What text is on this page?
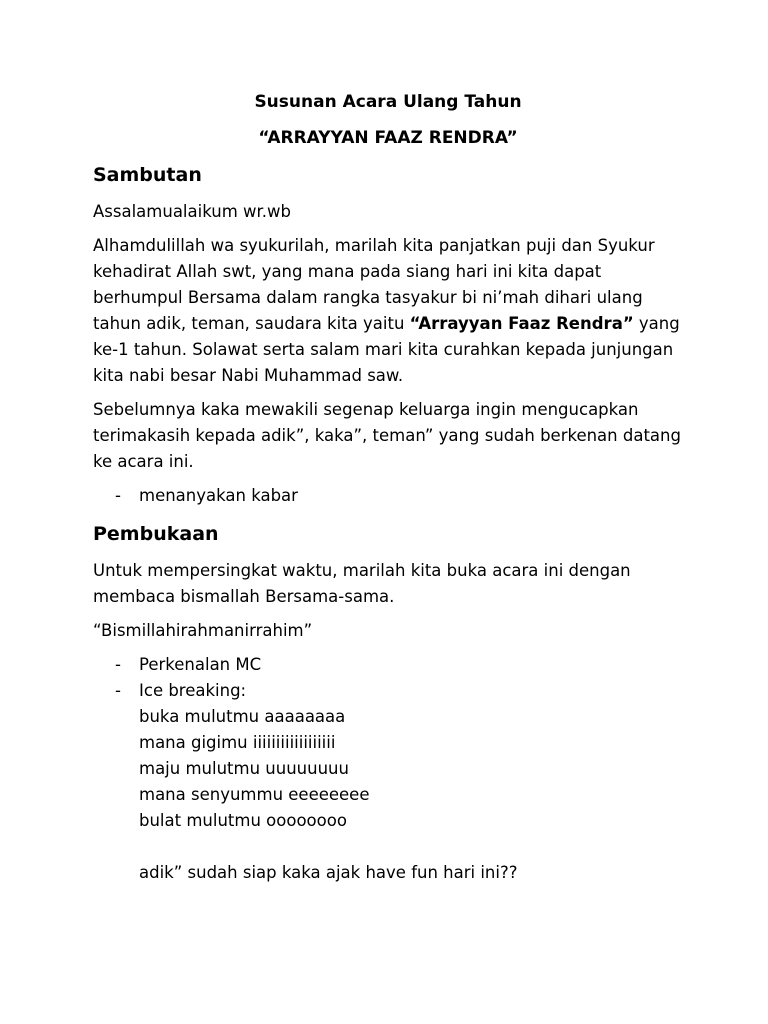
Susunan Acara Ulang Tahun

“ARRAYYAN FAAZ RENDRA”

Sambutan

Assalamualaikum wr.wb

Alhamdulillah wa syukurilah, marilah kita panjatkan puji dan Syukur kehadirat Allah swt, yang mana pada siang hari ini kita dapat berhumpul Bersama dalam rangka tasyakur bi ni’mah dihari ulang tahun adik, teman, saudara kita yaitu “Arrayyan Faaz Rendra” yang ke-1 tahun. Solawat serta salam mari kita curahkan kepada junjungan kita nabi besar Nabi Muhammad saw.

Sebelumnya kaka mewakili segenap keluarga ingin mengucapkan terimakasih kepada adik”, kaka”, teman” yang sudah berkenan datang ke acara ini.

- menanyakan kabar

Pembukaan

Untuk mempersingkat waktu, marilah kita buka acara ini dengan membaca bismallah Bersama-sama.

“Bismillahirahmanirrahim”

- Perkenalan MC
- Ice breaking:
buka mulutmu aaaaaaaa
mana gigimu iiiiiiiiiiiiiiiiii
maju mulutmu uuuuuuuu
mana senyummu eeeeeeee
bulat mulutmu oooooooo
adik” sudah siap kaka ajak have fun hari ini??
